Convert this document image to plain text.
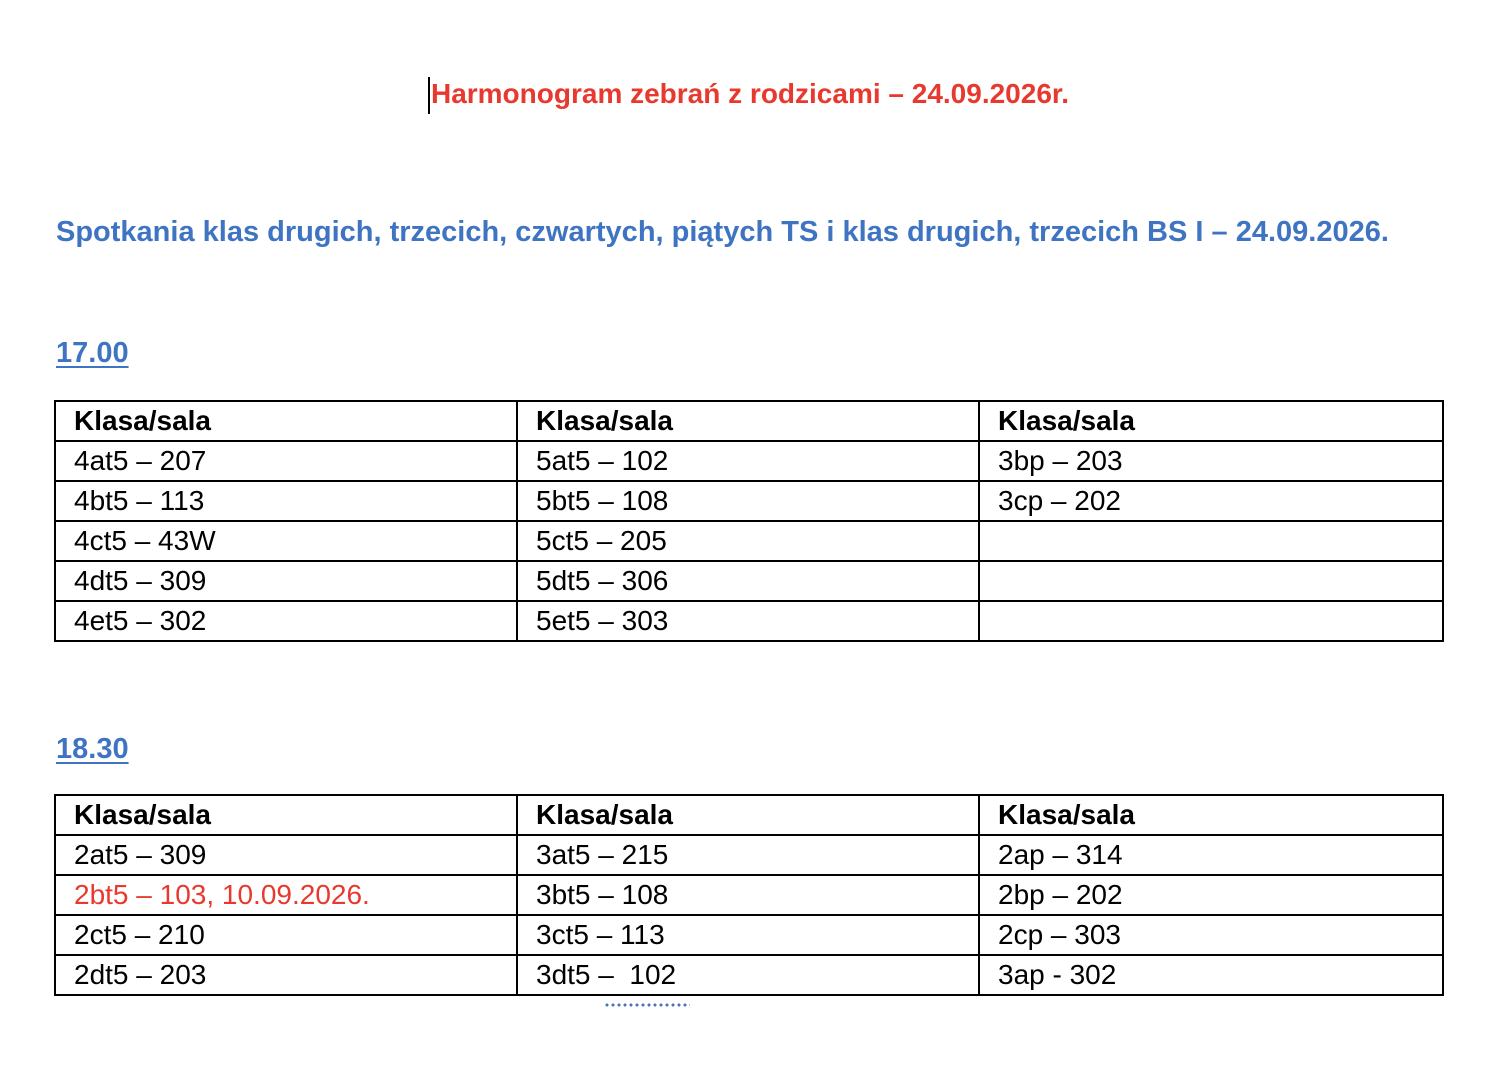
Harmonogram zebrań z rodzicami – 24.09.2026r.
Spotkania klas drugich, trzecich, czwartych, piątych TS i klas drugich, trzecich BS I – 24.09.2026.
17.00
Klasa/sala	Klasa/sala	Klasa/sala
4at5 – 207	5at5 – 102	3bp – 203
4bt5 – 113	5bt5 – 108	3cp – 202
4ct5 – 43W	5ct5 – 205	
4dt5 – 309	5dt5 – 306	
4et5 – 302	5et5 – 303	
18.30
Klasa/sala	Klasa/sala	Klasa/sala
2at5 – 309	3at5 – 215	2ap – 314
2bt5 – 103, 10.09.2026.	3bt5 – 108	2bp – 202
2ct5 – 210	3ct5 – 113	2cp – 303
2dt5 – 203	3dt5 –  102	3ap - 302
